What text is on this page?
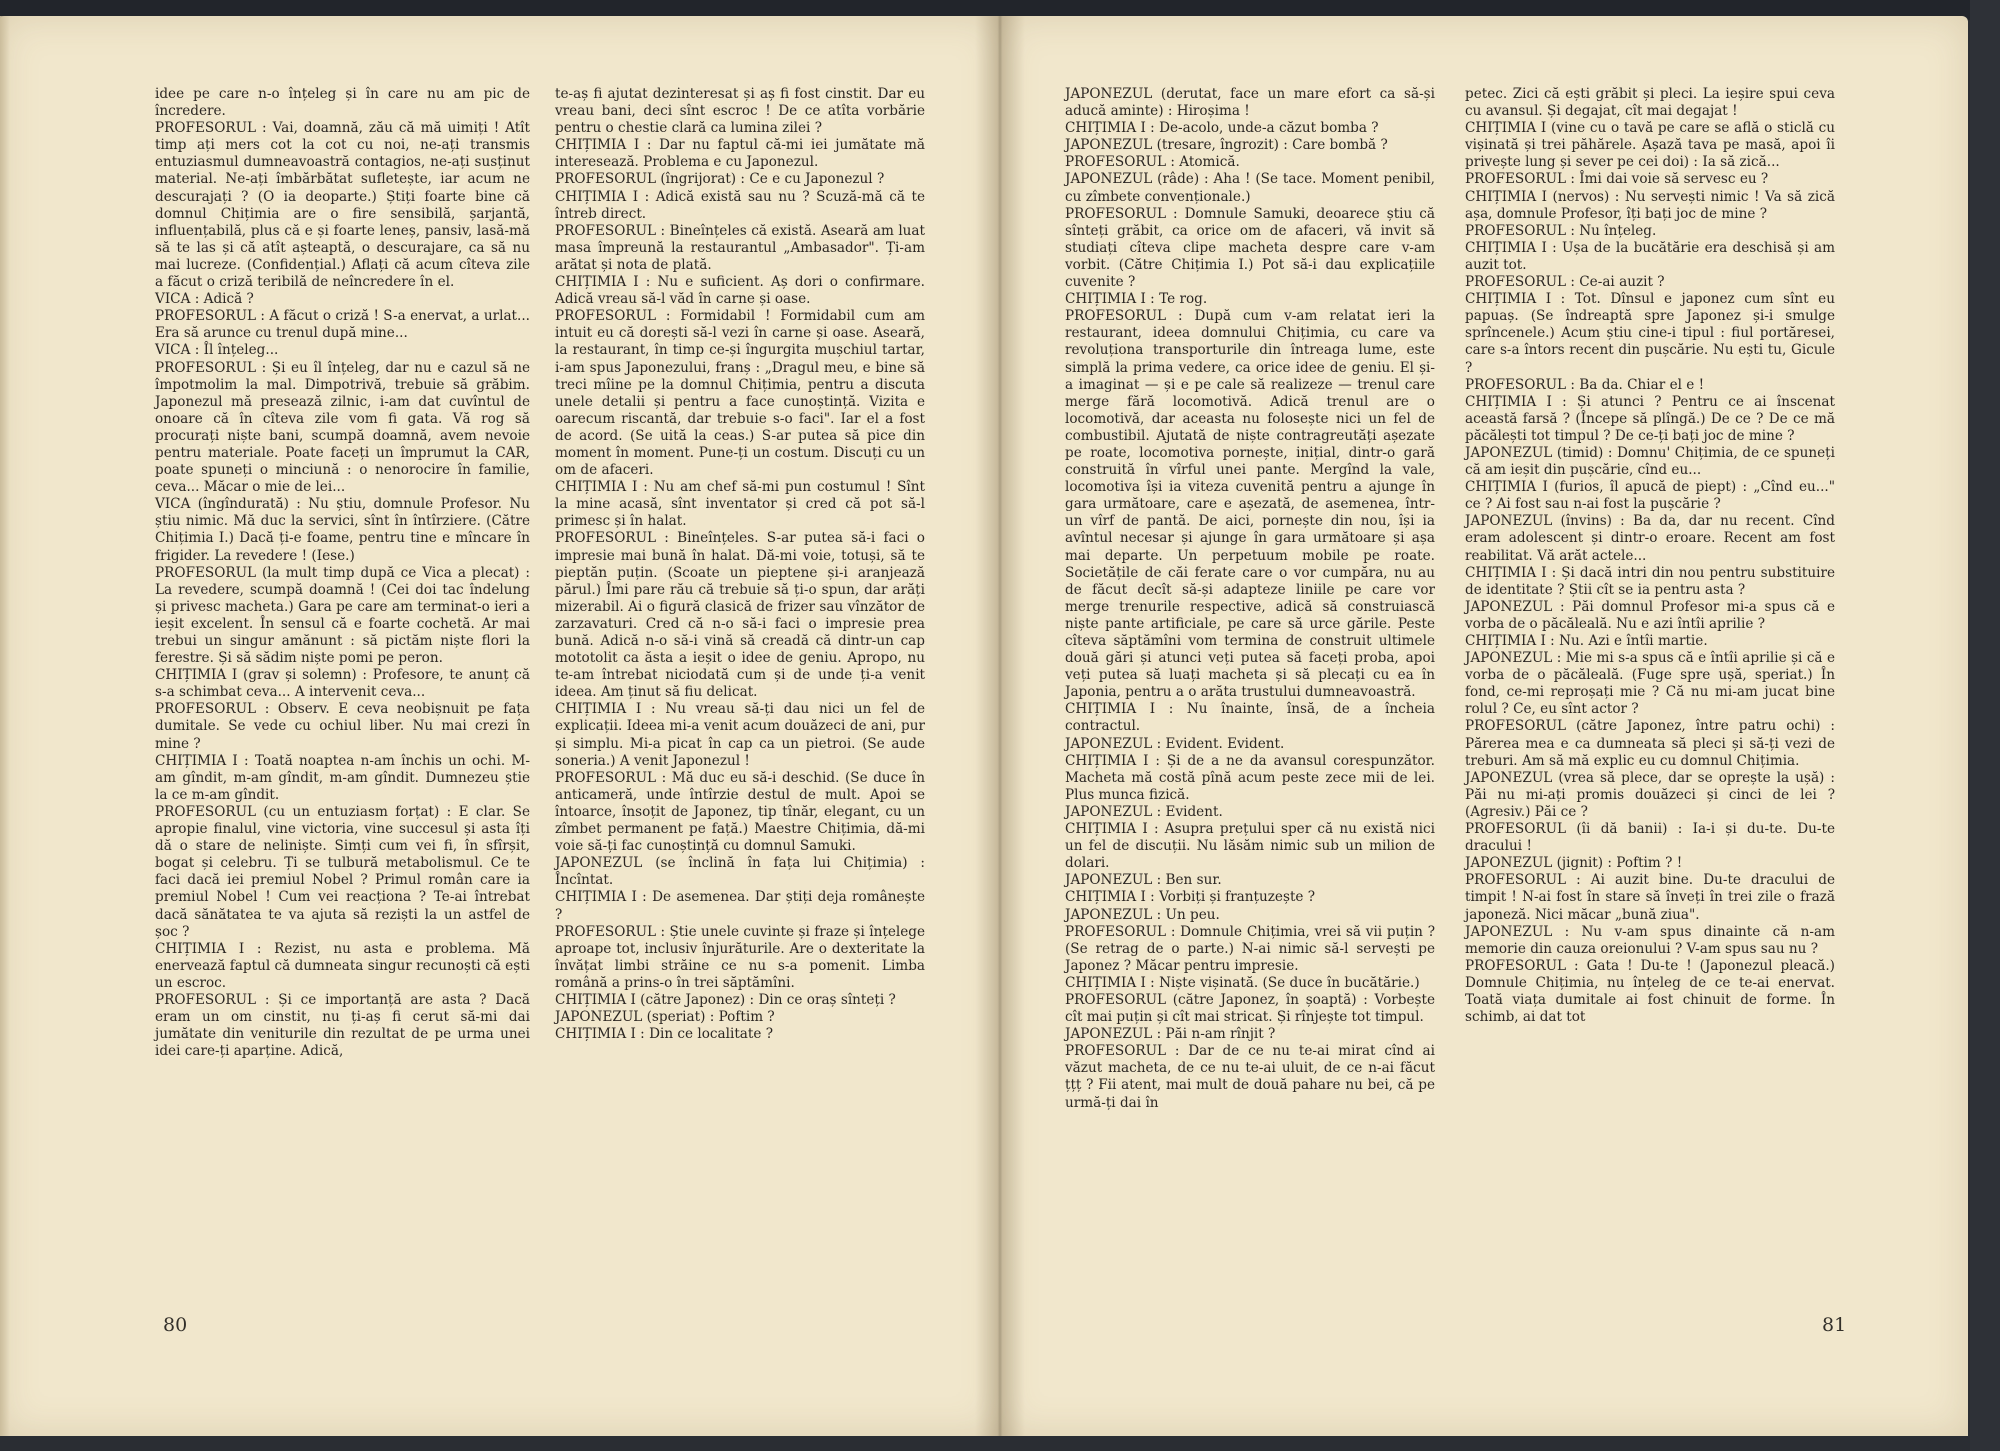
idee pe care n-o înțeleg și în care nu am pic de încredere.

PROFESORUL : Vai, doamnă, zău că mă uimiți ! Atît timp ați mers cot la cot cu noi, ne-ați transmis entuziasmul dumneavoastră contagios, ne-ați susținut material. Ne-ați îmbărbătat sufletește, iar acum ne descurajați ? (O ia deoparte.) Știți foarte bine că domnul Chițimia are o fire sensibilă, șarjantă, influențabilă, plus că e și foarte leneș, pansiv, lasă-mă să te las și că atît așteaptă, o descurajare, ca să nu mai lucreze. (Confidențial.) Aflați că acum cîteva zile a făcut o criză teribilă de neîncredere în el.

VICA : Adică ?

PROFESORUL : A făcut o criză ! S-a enervat, a urlat... Era să arunce cu trenul după mine...

VICA : Îl înțeleg...

PROFESORUL : Și eu îl înțeleg, dar nu e cazul să ne împotmolim la mal. Dimpotrivă, trebuie să grăbim. Japonezul mă presează zilnic, i-am dat cuvîntul de onoare că în cîteva zile vom fi gata. Vă rog să procurați niște bani, scumpă doamnă, avem nevoie pentru materiale. Poate faceți un împrumut la CAR, poate spuneți o minciună : o nenorocire în familie, ceva... Măcar o mie de lei...

VICA (îngîndurată) : Nu știu, domnule Profesor. Nu știu nimic. Mă duc la servici, sînt în întîrziere. (Către Chițimia I.) Dacă ți-e foame, pentru tine e mîncare în frigider. La revedere ! (Iese.)

PROFESORUL (la mult timp după ce Vica a plecat) : La revedere, scumpă doamnă ! (Cei doi tac îndelung și privesc macheta.) Gara pe care am terminat-o ieri a ieșit excelent. În sensul că e foarte cochetă. Ar mai trebui un singur amănunt : să pictăm niște flori la ferestre. Și să sădim niște pomi pe peron.

CHIȚIMIA I (grav și solemn) : Profesore, te anunț că s-a schimbat ceva... A intervenit ceva...

PROFESORUL : Observ. E ceva neobișnuit pe fața dumitale. Se vede cu ochiul liber. Nu mai crezi în mine ?

CHIȚIMIA I : Toată noaptea n-am închis un ochi. M-am gîndit, m-am gîndit, m-am gîndit. Dumnezeu știe la ce m-am gîndit.

PROFESORUL (cu un entuziasm forțat) : E clar. Se apropie finalul, vine victoria, vine succesul și asta îți dă o stare de neliniște. Simți cum vei fi, în sfîrșit, bogat și celebru. Ți se tulbură metabolismul. Ce te faci dacă iei premiul Nobel ? Primul român care ia premiul Nobel ! Cum vei reacționa ? Te-ai întrebat dacă sănătatea te va ajuta să reziști la un astfel de șoc ?

CHIȚIMIA I : Rezist, nu asta e problema. Mă enervează faptul că dumneata singur recunoști că ești un escroc.

PROFESORUL : Și ce importanță are asta ? Dacă eram un om cinstit, nu ți-aș fi cerut să-mi dai jumătate din veniturile din rezultat de pe urma unei idei care-ți aparține. Adică,

te-aș fi ajutat dezinteresat și aș fi fost cinstit. Dar eu vreau bani, deci sînt escroc ! De ce atîta vorbărie pentru o chestie clară ca lumina zilei ?

CHIȚIMIA I : Dar nu faptul că-mi iei jumătate mă interesează. Problema e cu Japonezul.

PROFESORUL (îngrijorat) : Ce e cu Japonezul ?

CHIȚIMIA I : Adică există sau nu ? Scuză-mă că te întreb direct.

PROFESORUL : Bineînțeles că există. Aseară am luat masa împreună la restaurantul „Ambasador". Ți-am arătat și nota de plată.

CHIȚIMIA I : Nu e suficient. Aș dori o confirmare. Adică vreau să-l văd în carne și oase.

PROFESORUL : Formidabil ! Formidabil cum am intuit eu că dorești să-l vezi în carne și oase. Aseară, la restaurant, în timp ce-și îngurgita mușchiul tartar, i-am spus Japonezului, franș : „Dragul meu, e bine să treci mîine pe la domnul Chițimia, pentru a discuta unele detalii și pentru a face cunoștință. Vizita e oarecum riscantă, dar trebuie s-o faci". Iar el a fost de acord. (Se uită la ceas.) S-ar putea să pice din moment în moment. Pune-ți un costum. Discuți cu un om de afaceri.

CHIȚIMIA I : Nu am chef să-mi pun costumul ! Sînt la mine acasă, sînt inventator și cred că pot să-l primesc și în halat.

PROFESORUL : Bineînțeles. S-ar putea să-i faci o impresie mai bună în halat. Dă-mi voie, totuși, să te pieptăn puțin. (Scoate un pieptene și-i aranjează părul.) Îmi pare rău că trebuie să ți-o spun, dar arăți mizerabil. Ai o figură clasică de frizer sau vînzător de zarzavaturi. Cred că n-o să-i faci o impresie prea bună. Adică n-o să-i vină să creadă că dintr-un cap mototolit ca ăsta a ieșit o idee de geniu. Apropo, nu te-am întrebat niciodată cum și de unde ți-a venit ideea. Am ținut să fiu delicat.

CHIȚIMIA I : Nu vreau să-ți dau nici un fel de explicații. Ideea mi-a venit acum douăzeci de ani, pur și simplu. Mi-a picat în cap ca un pietroi. (Se aude soneria.) A venit Japonezul !

PROFESORUL : Mă duc eu să-i deschid. (Se duce în anticameră, unde întîrzie destul de mult. Apoi se întoarce, însoțit de Japonez, tip tînăr, elegant, cu un zîmbet permanent pe față.) Maestre Chițimia, dă-mi voie să-ți fac cunoștință cu domnul Samuki.

JAPONEZUL (se înclină în fața lui Chițimia) : Încîntat.

CHIȚIMIA I : De asemenea. Dar știți deja românește ?

PROFESORUL : Știe unele cuvinte și fraze și înțelege aproape tot, inclusiv înjurăturile. Are o dexteritate la învățat limbi străine ce nu s-a pomenit. Limba română a prins-o în trei săptămîni.

CHIȚIMIA I (către Japonez) : Din ce oraș sînteți ?

JAPONEZUL (speriat) : Poftim ?

CHIȚIMIA I : Din ce localitate ?

80

JAPONEZUL (derutat, face un mare efort ca să-și aducă aminte) : Hiroșima !

CHIȚIMIA I : De-acolo, unde-a căzut bomba ?

JAPONEZUL (tresare, îngrozit) : Care bombă ?

PROFESORUL : Atomică.

JAPONEZUL (râde) : Aha ! (Se tace. Moment penibil, cu zîmbete convenționale.)

PROFESORUL : Domnule Samuki, deoarece știu că sînteți grăbit, ca orice om de afaceri, vă invit să studiați cîteva clipe macheta despre care v-am vorbit. (Către Chițimia I.) Pot să-i dau explicațiile cuvenite ?

CHIȚIMIA I : Te rog.

PROFESORUL : După cum v-am relatat ieri la restaurant, ideea domnului Chițimia, cu care va revoluționa transporturile din întreaga lume, este simplă la prima vedere, ca orice idee de geniu. El și-a imaginat — și e pe cale să realizeze — trenul care merge fără locomotivă. Adică trenul are o locomotivă, dar aceasta nu folosește nici un fel de combustibil. Ajutată de niște contragreutăți așezate pe roate, locomotiva pornește, inițial, dintr-o gară construită în vîrful unei pante. Mergînd la vale, locomotiva își ia viteza cuvenită pentru a ajunge în gara următoare, care e așezată, de asemenea, într-un vîrf de pantă. De aici, pornește din nou, își ia avîntul necesar și ajunge în gara următoare și așa mai departe. Un perpetuum mobile pe roate. Societățile de căi ferate care o vor cumpăra, nu au de făcut decît să-și adapteze liniile pe care vor merge trenurile respective, adică să construiască niște pante artificiale, pe care să urce gările. Peste cîteva săptămîni vom termina de construit ultimele două gări și atunci veți putea să faceți proba, apoi veți putea să luați macheta și să plecați cu ea în Japonia, pentru a o arăta trustului dumneavoastră.

CHIȚIMIA I : Nu înainte, însă, de a încheia contractul.

JAPONEZUL : Evident. Evident.

CHIȚIMIA I : Și de a ne da avansul corespunzător. Macheta mă costă pînă acum peste zece mii de lei. Plus munca fizică.

JAPONEZUL : Evident.

CHIȚIMIA I : Asupra prețului sper că nu există nici un fel de discuții. Nu lăsăm nimic sub un milion de dolari.

JAPONEZUL : Ben sur.

CHIȚIMIA I : Vorbiți și franțuzește ?

JAPONEZUL : Un peu.

PROFESORUL : Domnule Chițimia, vrei să vii puțin ? (Se retrag de o parte.) N-ai nimic să-l servești pe Japonez ? Măcar pentru impresie.

CHIȚIMIA I : Niște vișinată. (Se duce în bucătărie.)

PROFESORUL (către Japonez, în șoaptă) : Vorbește cît mai puțin și cît mai stricat. Și rînjește tot timpul.

JAPONEZUL : Păi n-am rînjit ?

PROFESORUL : Dar de ce nu te-ai mirat cînd ai văzut macheta, de ce nu te-ai uluit, de ce n-ai făcut țțț ? Fii atent, mai mult de două pahare nu bei, că pe urmă-ți dai în

petec. Zici că ești grăbit și pleci. La ieșire spui ceva cu avansul. Și degajat, cît mai degajat !

CHIȚIMIA I (vine cu o tavă pe care se află o sticlă cu vișinată și trei păhărele. Așază tava pe masă, apoi îi privește lung și sever pe cei doi) : Ia să zică...

PROFESORUL : Îmi dai voie să servesc eu ?

CHIȚIMIA I (nervos) : Nu servești nimic ! Va să zică așa, domnule Profesor, îți bați joc de mine ?

PROFESORUL : Nu înțeleg.

CHIȚIMIA I : Ușa de la bucătărie era deschisă și am auzit tot.

PROFESORUL : Ce-ai auzit ?

CHIȚIMIA I : Tot. Dînsul e japonez cum sînt eu papuaș. (Se îndreaptă spre Japonez și-i smulge sprîncenele.) Acum știu cine-i tipul : fiul portăresei, care s-a întors recent din pușcărie. Nu ești tu, Gicule ?

PROFESORUL : Ba da. Chiar el e !

CHIȚIMIA I : Și atunci ? Pentru ce ai înscenat această farsă ? (Începe să plîngă.) De ce ? De ce mă păcălești tot timpul ? De ce-ți bați joc de mine ?

JAPONEZUL (timid) : Domnu' Chițimia, de ce spuneți că am ieșit din pușcărie, cînd eu...

CHIȚIMIA I (furios, îl apucă de piept) : „Cînd eu..." ce ? Ai fost sau n-ai fost la pușcărie ?

JAPONEZUL (învins) : Ba da, dar nu recent. Cînd eram adolescent și dintr-o eroare. Recent am fost reabilitat. Vă arăt actele...

CHIȚIMIA I : Și dacă intri din nou pentru substituire de identitate ? Știi cît se ia pentru asta ?

JAPONEZUL : Păi domnul Profesor mi-a spus că e vorba de o păcăleală. Nu e azi întîi aprilie ?

CHIȚIMIA I : Nu. Azi e întîi martie.

JAPONEZUL : Mie mi s-a spus că e întîi aprilie și că e vorba de o păcăleală. (Fuge spre ușă, speriat.) În fond, ce-mi reproșați mie ? Că nu mi-am jucat bine rolul ? Ce, eu sînt actor ?

PROFESORUL (către Japonez, între patru ochi) : Părerea mea e ca dumneata să pleci și să-ți vezi de treburi. Am să mă explic eu cu domnul Chițimia.

JAPONEZUL (vrea să plece, dar se oprește la ușă) : Păi nu mi-ați promis douăzeci și cinci de lei ? (Agresiv.) Păi ce ?

PROFESORUL (îi dă banii) : Ia-i și du-te. Du-te dracului !

JAPONEZUL (jignit) : Poftim ? !

PROFESORUL : Ai auzit bine. Du-te dracului de timpit ! N-ai fost în stare să înveți în trei zile o frază japoneză. Nici măcar „bună ziua".

JAPONEZUL : Nu v-am spus dinainte că n-am memorie din cauza oreionului ? V-am spus sau nu ?

PROFESORUL : Gata ! Du-te ! (Japonezul pleacă.) Domnule Chițimia, nu înțeleg de ce te-ai enervat. Toată viața dumitale ai fost chinuit de forme. În schimb, ai dat tot

81
